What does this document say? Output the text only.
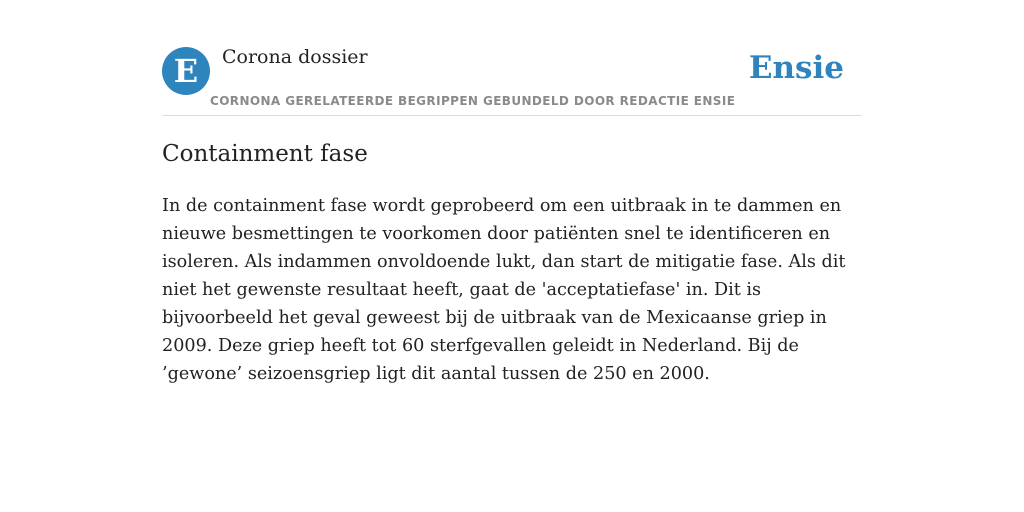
E	Corona dossier
CORNONA GERELATEERDE BEGRIPPEN GEBUNDELD DOOR REDACTIE ENSIE
Ensie
Containment fase

In de containment fase wordt geprobeerd om een uitbraak in te dammen en nieuwe besmettingen te voorkomen door patiënten snel te identificeren en isoleren. Als indammen onvoldoende lukt, dan start de mitigatie fase. Als dit niet het gewenste resultaat heeft, gaat de 'acceptatiefase' in. Dit is bijvoorbeeld het geval geweest bij de uitbraak van de Mexicaanse griep in 2009. Deze griep heeft tot 60 sterfgevallen geleidt in Nederland. Bij de ’gewone’ seizoensgriep ligt dit aantal tussen de 250 en 2000.
